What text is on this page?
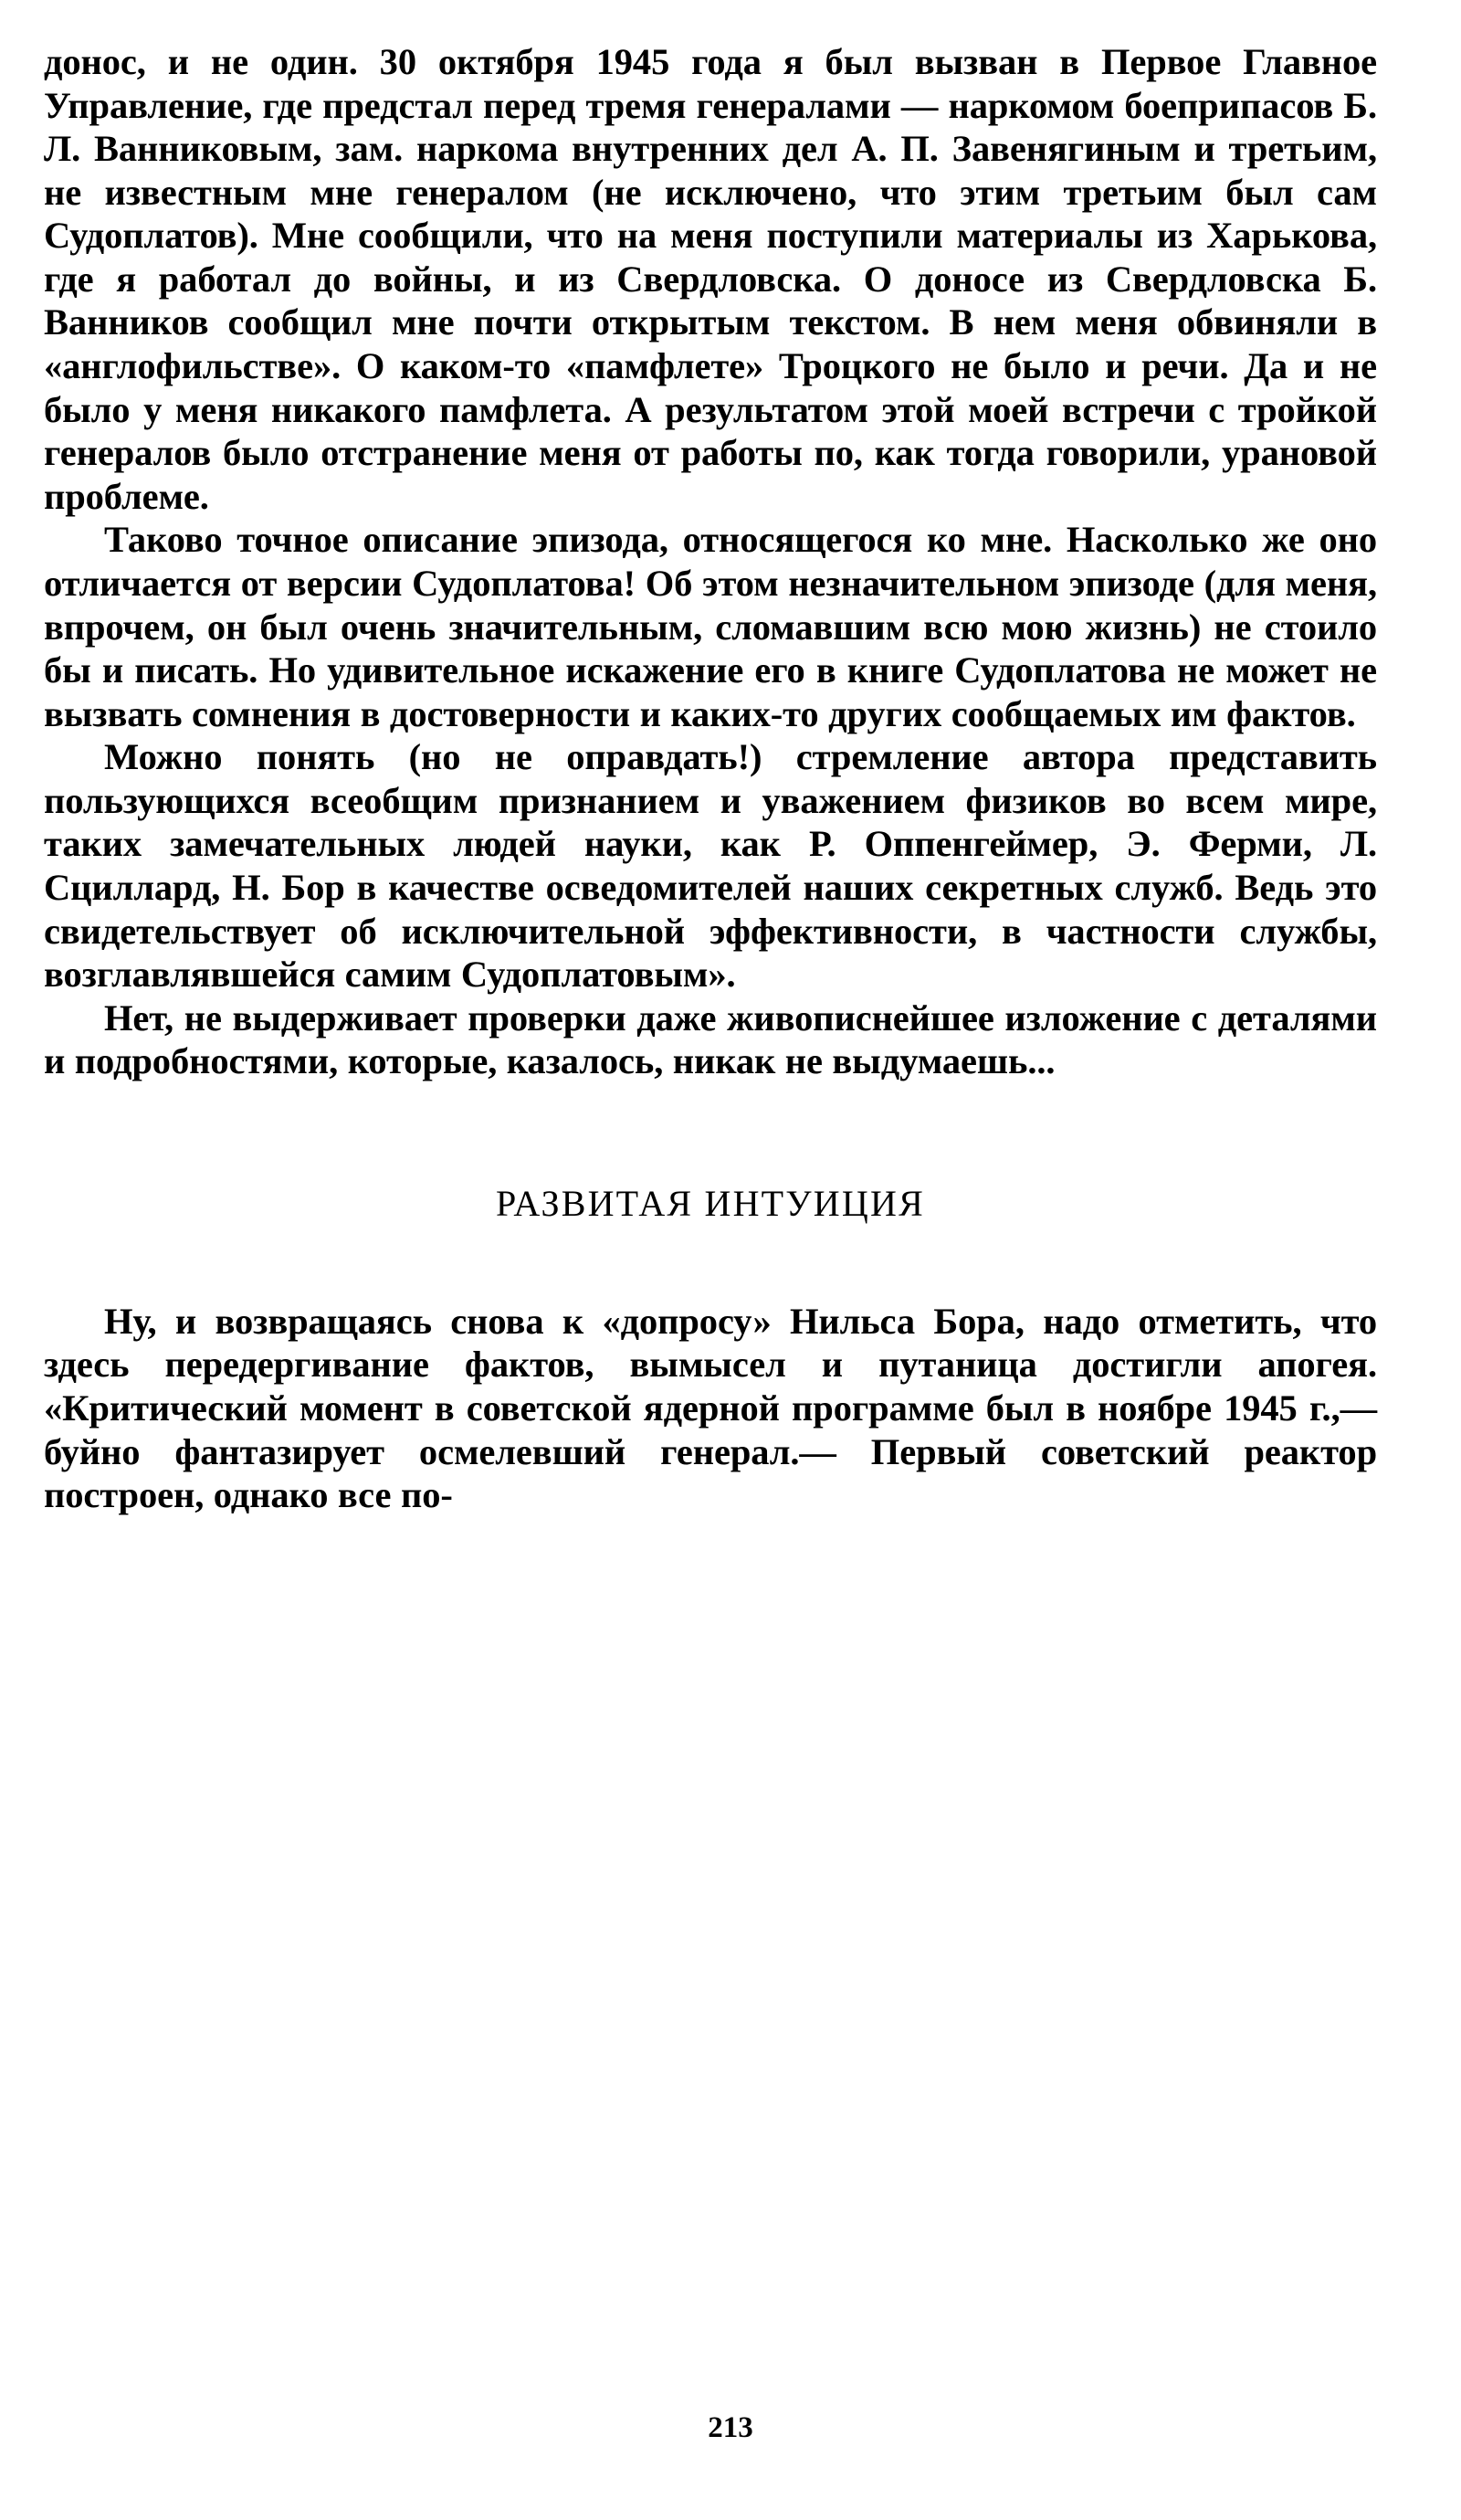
донос, и не один. 30 октября 1945 года я был вызван в Первое Главное Управление, где предстал перед тремя генералами — наркомом боеприпасов Б. Л. Ванниковым, зам. наркома внутренних дел А. П. Завенягиным и третьим, не известным мне генералом (не исключено, что этим третьим был сам Судоплатов). Мне сообщили, что на меня поступили материалы из Харькова, где я работал до войны, и из Свердловска. О доносе из Свердловска Б. Ванников сообщил мне почти открытым текстом. В нем меня обвиняли в «англофильстве». О каком-то «памфлете» Троцкого не было и речи. Да и не было у меня никакого памфлета. А результатом этой моей встречи с тройкой генералов было отстранение меня от работы по, как тогда говорили, урановой проблеме.

Таково точное описание эпизода, относящегося ко мне. Насколько же оно отличается от версии Судоплатова! Об этом незначительном эпизоде (для меня, впрочем, он был очень значительным, сломавшим всю мою жизнь) не стоило бы и писать. Но удивительное искажение его в книге Судоплатова не может не вызвать сомнения в достоверности и каких-то других сообщаемых им фактов.

Можно понять (но не оправдать!) стремление автора представить пользующихся всеобщим признанием и уважением физиков во всем мире, таких замечательных людей науки, как Р. Оппенгеймер, Э. Ферми, Л. Сциллард, Н. Бор в качестве осведомителей наших секретных служб. Ведь это свидетельствует об исключительной эффективности, в частности службы, возглавлявшейся самим Судоплатовым».

Нет, не выдерживает проверки даже живописнейшее изложение с деталями и подробностями, которые, казалось, никак не выдумаешь...

РАЗВИТАЯ ИНТУИЦИЯ

Ну, и возвращаясь снова к «допросу» Нильса Бора, надо отметить, что здесь передергивание фактов, вымысел и путаница достигли апогея. «Критический момент в советской ядерной программе был в ноябре 1945 г.,— буйно фантазирует осмелевший генерал.— Первый советский реактор построен, однако все по-

213
